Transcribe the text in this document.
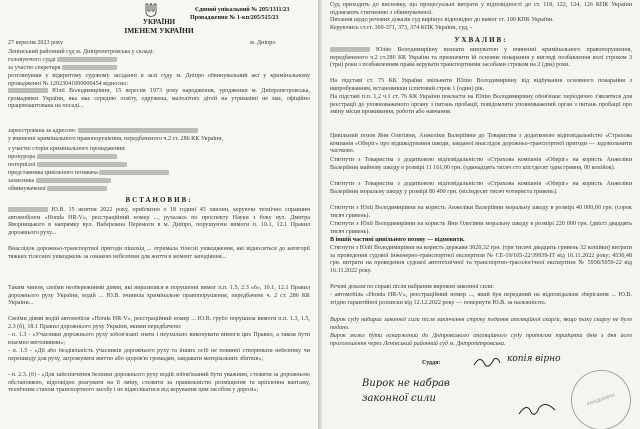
УКРАЇНИ
ІМЕНЕМ УКРАЇНИ
Єдиний унікальний № 205/1311/23
Провадження № 1-кп/205/515/23
27 вересня 2023 року	м. Дніпро
Ленінський районний суд м. Дніпропетровська у складі:
головуючого судді
за участю секретаря
розглянувши у відкритому судовому засіданні в залі суду м. Дніпро обвинувальний акт у кримінальному провадженні № 12023041000000454 відносно:
Юлії Володимирівни, 15 вересня 1973 року народження, уродженки м. Дніпропетровська, громадянки України, яка має середню освіту, одружена, малолітніх дітей на утриманні не має, офіційно працевлаштована на посаді...
зареєстрована за адресою:
у вчиненні кримінального правопорушення, передбаченого ч.2 ст. 286 КК України,
з участю сторін кримінального провадження:
прокурора
потерпілої
представника цивільного позивача
захисника
обвинуваченої
ВСТАНОВИВ:
Ю.В. 15 жовтня 2022 року, приблизно о 18 годині 45 хвилин, керуючи технічно справним автомобілем «Honda HR-V», реєстраційний номер ..., рухалась по проспекту Науки з боку вул. Дмитра Яворницького в напрямку вул. Набережна Перемоги в м. Дніпро, порушуючи вимоги п. 10.1, 12.1 Правил дорожнього руху...
Внаслідок дорожньо-транспортної пригоди пішохід ... отримала тілесні ушкодження, які відносяться до категорії тяжких тілесних ушкоджень за ознакою небезпеки для життя в момент заподіяння...
Таким чином, своїми необережними діями, які виразилися в порушенні вимог п.п. 1.5, 2.3 «б», 10.1, 12.1 Правил дорожнього руху України, водій ... Ю.В. вчинила кримінальне правопорушення, передбачене ч. 2 ст. 286 КК України...
Своїми діями водій автомобіля «Honda HR-V», реєстраційний номер ... Ю.В. грубо порушила вимоги п.п. 1.3, 1.5, 2.3 (б), 18.1 Правил дорожнього руху України, якими передбачено:
- п. 1.3 - «Учасники дорожнього руху зобов'язані знати і неухильно виконувати вимоги цих Правил, а також бути взаємно ввічливими»;
- п. 1.5 - «Дії або бездіяльність учасників дорожнього руху та інших осіб не повинні створювати небезпеку чи перешкоду для руху, загрожувати життю або здоров'ю громадян, завдавати матеріальних збитків»;
- п. 2.3. (б) - «Для забезпечення безпеки дорожнього руху водій зобов'язаний бути уважним, стежити за дорожньою обстановкою, відповідно реагувати на її зміну, стежити за правильністю розміщення та кріплення вантажу, технічним станом транспортного засобу і не відволікатися від керування цим засобом у дорозі»;
Суд приходить до висновку, що процесуальні витрати у відповідності до ст. 118, 122, 124, 126 КПК України підлягають стягненню з обвинуваченої.
Питання щодо речових доказів суд вирішує відповідно до вимог ст. 100 КПК України.
Керуючись ст.ст. 369-371, 373, 374 КПК України, суд, -
УХВАЛИВ:
Юлію Володимирівну визнати винуватою у вчиненні кримінального правопорушення, передбаченого ч.2 ст.286 КК України та призначити їй основне покарання у вигляді позбавлення волі строком 3 (три) роки з позбавленням права керувати транспортними засобами строком на 2 (два) роки.
На підставі ст. 75 КК України звільнити Юлію Володимирівну від відбування основного покарання з випробуванням, встановивши іспитовий строк 1 (один) рік.
На підставі п.п. 1,2 ч.1 ст. 76 КК України покласти на Юлію Володимирівну обов'язки: періодично з'являтися для реєстрації до уповноваженого органу з питань пробації; повідомляти уповноважений орган з питань пробації про зміну місця проживання, роботи або навчання.
Цивільний позов Яни Олегівни, Анжеліки Валеріївни до Товариства з додатковою відповідальністю «Страхова компанія «Оберіг» про відшкодування шкоди, завданої внаслідок дорожньо-транспортної пригоди — задовольнити частково.
Стягнути з Товариства з додатковою відповідальністю «Страхова компанія «Оберіг» на користь Анжеліки Валеріївни майнову шкоду в розмірі 11 161,00 грн. (одинадцять тисяч сто шістдесят одна гривня, 00 копійок).
Стягнути з Товариства з додатковою відповідальністю «Страхова компанія «Оберіг» на користь Анжеліки Валеріївни моральну шкоду у розмірі 80 400 грн. (вісімдесят тисяч чотириста гривень).
Стягнути з Юлії Володимирівни на користь Анжеліки Валеріївни моральну шкоду в розмірі 40 000,00 грн. (сорок тисяч гривень).
Стягнути з Юлії Володимирівни на користь Яни Олегівни моральну шкоду в розмірі 220 000 грн. (двісті двадцять тисяч гривень).
В іншій частині цивільного позову — відмовити.
Стягнути з Юлії Володимирівни на користь держави 3020,32 грн. (три тисячі двадцять гривень 32 копійки) витрати за проведення судової інженерно-транспортної експертизи № СЕ-19/105-22/39939-ІТ від 16.11.2022 року; 4530,48 грн. витрати на проведення судової автотехнічної та транспортно-трасологічної експертизи № 5958/5959-22 від 16.11.2022 року.
Речові докази по справі після набрання вироком законної сили:
- автомобіль «Honda HR-V», реєстраційний номер ..., який був переданий на відповідальне зберігання ... Ю.В. згідно гарантійної розписки від 12.12.2022 року — повернути Ю.В. за належністю.
Вирок суду набирає законної сили після закінчення строку подання апеляційної скарги, якщо таку скаргу не було подано.
Вирок може бути оскаржений до Дніпровського апеляційного суду протягом тридцяти днів з дня його проголошення через Ленінський районний суд м. Дніпропетровська.
Суддя:	копія вірно
Вирок не набрав
законної сили	КАНЦЕЛЯРІЯ
